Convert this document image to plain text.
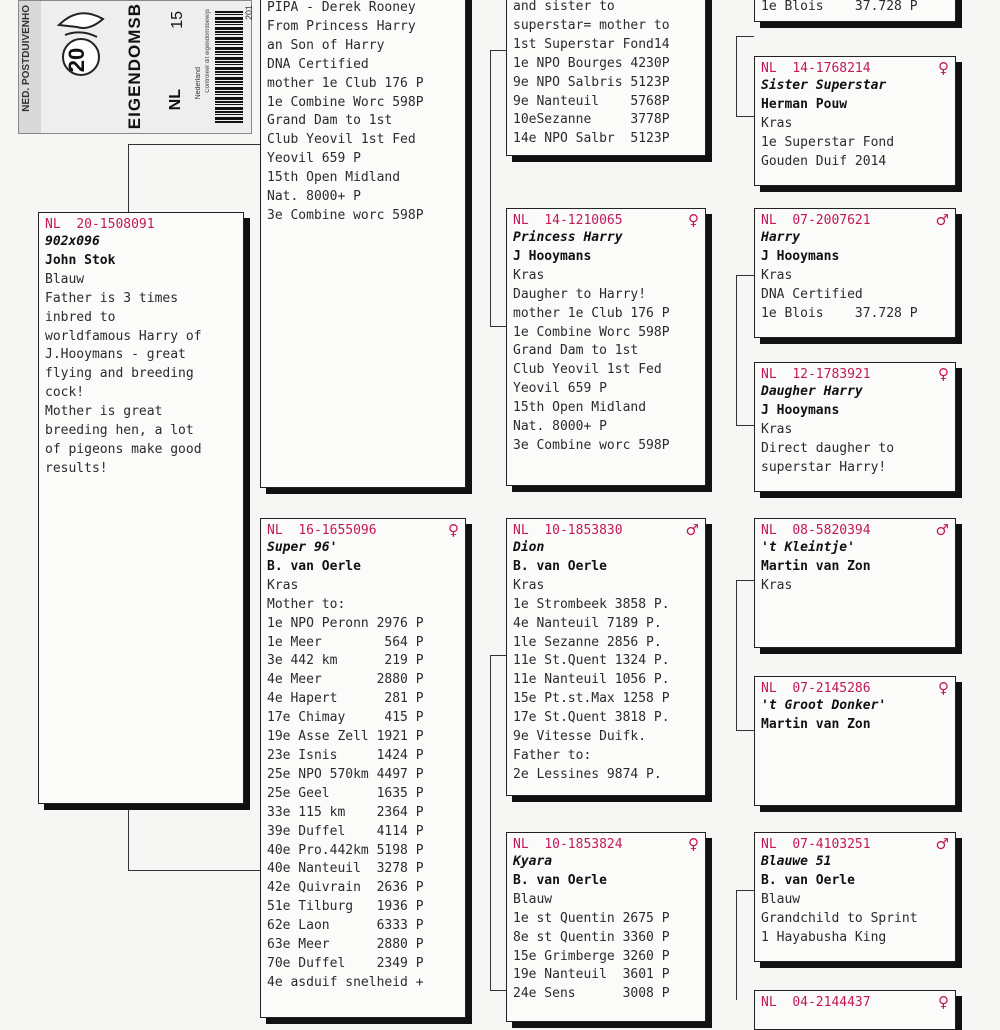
NED. POSTDUIVENHO 20 EIGENDOMSB NL
Nederland
15	Controleer dit eigendomsbewijs	201
NL 20-1508091
902x096
John Stok
Blauw
Father is 3 times
inbred to
worldfamous Harry of
J.Hooymans - great
flying and breeding
cock!
Mother is great
breeding hen, a lot
of pigeons make good
results!
PIPA - Derek Rooney
From Princess Harry
an Son of Harry
DNA Certified
mother 1e Club 176 P
1e Combine Worc 598P
Grand Dam to 1st
Club Yeovil 1st Fed
Yeovil 659 P
15th Open Midland
Nat. 8000+ P
3e Combine worc 598P
NL 16-1655096	♀
Super 96'
B. van Oerle
Kras
Mother to:
1e NPO Peronn 2976 P
1e Meer        564 P
3e 442 km      219 P
4e Meer       2880 P
4e Hapert      281 P
17e Chimay     415 P
19e Asse Zell 1921 P
23e Isnis     1424 P
25e NPO 570km 4497 P
25e Geel      1635 P
33e 115 km    2364 P
39e Duffel    4114 P
40e Pro.442km 5198 P
40e Nanteuil  3278 P
42e Quivrain  2636 P
51e Tilburg   1936 P
62e Laon      6333 P
63e Meer      2880 P
70e Duffel    2349 P
4e asduif snelheid +
and sister to
superstar= mother to
1st Superstar Fond14
1e NPO Bourges 4230P
9e NPO Salbris 5123P
9e Nanteuil    5768P
10eSezanne     3778P
14e NPO Salbr  5123P
NL 14-1210065	♀
Princess Harry
J Hooymans
Kras
Daugher to Harry!
mother 1e Club 176 P
1e Combine Worc 598P
Grand Dam to 1st
Club Yeovil 1st Fed
Yeovil 659 P
15th Open Midland
Nat. 8000+ P
3e Combine worc 598P
NL 10-1853830	♂
Dion
B. van Oerle
Kras
1e Strombeek 3858 P.
4e Nanteuil 7189 P.
1le Sezanne 2856 P.
11e St.Quent 1324 P.
11e Nanteuil 1056 P.
15e Pt.st.Max 1258 P
17e St.Quent 3818 P.
9e Vitesse Duifk.
Father to:
2e Lessines 9874 P.
NL 10-1853824	♀
Kyara
B. van Oerle
Blauw
1e st Quentin 2675 P
8e st Quentin 3360 P
15e Grimberge 3260 P
19e Nanteuil  3601 P
24e Sens      3008 P
1e Blois    37.728 P
NL 14-1768214	♀
Sister Superstar
Herman Pouw
Kras
1e Superstar Fond
Gouden Duif 2014
NL 07-2007621	♂
Harry
J Hooymans
Kras
DNA Certified
1e Blois    37.728 P
NL 12-1783921	♀
Daugher Harry
J Hooymans
Kras
Direct daugher to
superstar Harry!
NL 08-5820394	♂
't Kleintje'
Martin van Zon
Kras
NL 07-2145286	♀
't Groot Donker'
Martin van Zon
NL 07-4103251	♂
Blauwe 51
B. van Oerle
Blauw
Grandchild to Sprint
1 Hayabusha King
NL 04-2144437	♀
